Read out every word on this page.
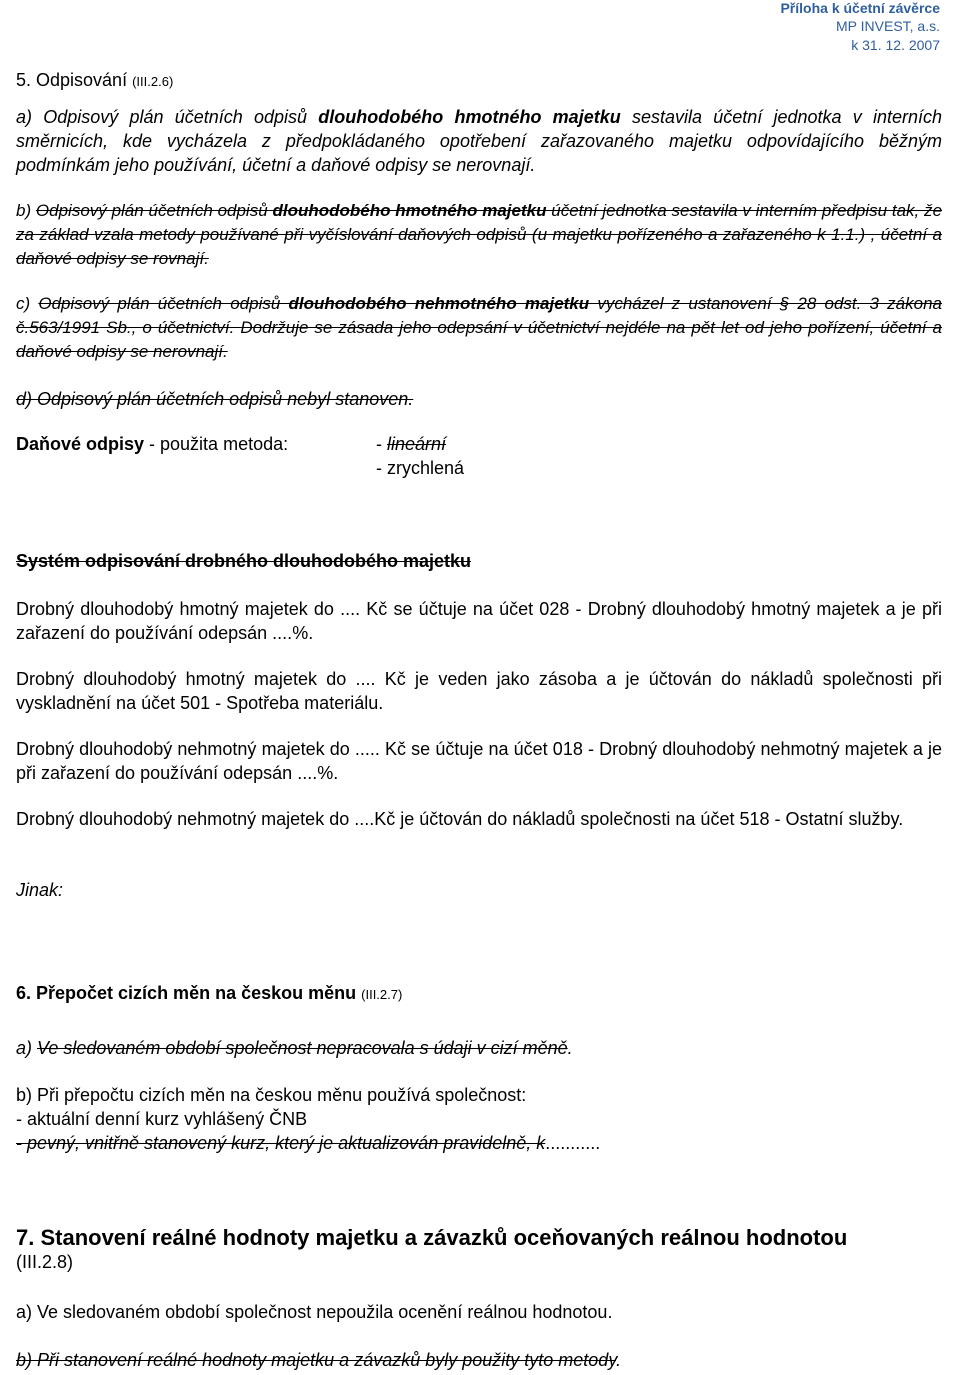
Příloha k účetní závěrce
MP INVEST, a.s.
k 31. 12. 2007
5. Odpisování (III.2.6)
a) Odpisový plán účetních odpisů dlouhodobého hmotného majetku sestavila účetní jednotka v interních směrnicích, kde vycházela z předpokládaného opotřebení zařazovaného majetku odpovídajícího běžným podmínkám jeho používání, účetní a daňové odpisy se nerovnají.
b) Odpisový plán účetních odpisů dlouhodobého hmotného majetku účetní jednotka sestavila v interním předpisu tak, že za základ vzala metody používané při vyčíslování daňových odpisů (u majetku pořízeného a zařazeného k 1.1.) , účetní a daňové odpisy se rovnají.
c) Odpisový plán účetních odpisů dlouhodobého nehmotného majetku vycházel z ustanovení § 28 odst. 3 zákona č.563/1991 Sb., o účetnictví. Dodržuje se zásada jeho odepsání v účetnictví nejdéle na pět let od jeho pořízení, účetní a daňové odpisy se nerovnají.
d) Odpisový plán účetních odpisů nebyl stanoven.
Daňové odpisy - použita metoda:	- lineární
- zrychlená
Systém odpisování drobného dlouhodobého majetku
Drobný dlouhodobý hmotný majetek do .... Kč se účtuje na účet 028 - Drobný dlouhodobý hmotný majetek a je při zařazení do používání odepsán ....%.
Drobný dlouhodobý hmotný majetek do .... Kč je veden jako zásoba a je účtován do nákladů společnosti při vyskladnění na účet 501 - Spotřeba materiálu.
Drobný dlouhodobý nehmotný majetek do ..... Kč se účtuje na účet 018 - Drobný dlouhodobý nehmotný majetek a je při zařazení do používání odepsán ....%.
Drobný dlouhodobý nehmotný majetek do ....Kč je účtován do nákladů společnosti na účet 518 - Ostatní služby.
Jinak:
6. Přepočet cizích měn na českou měnu (III.2.7)
a) Ve sledovaném období společnost nepracovala s údaji v cizí měně.
b) Při přepočtu cizích měn na českou měnu používá společnost:
- aktuální denní kurz vyhlášený ČNB
- pevný, vnitřně stanovený kurz, který je aktualizován pravidelně, k...........
7. Stanovení reálné hodnoty majetku a závazků oceňovaných reálnou hodnotou
(III.2.8)
a) Ve sledovaném období společnost nepoužila ocenění reálnou hodnotou.
b) Při stanovení reálné hodnoty majetku a závazků byly použity tyto metody.
